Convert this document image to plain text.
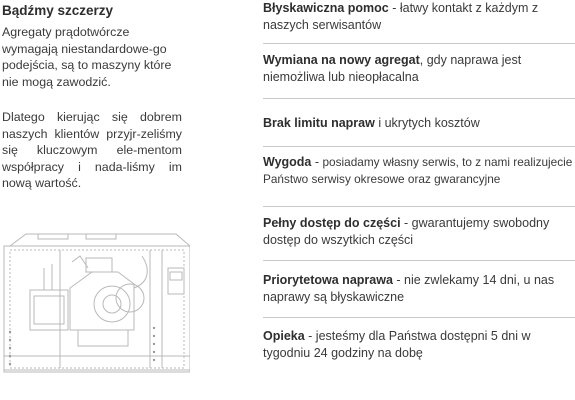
Bądźmy szczerzy

Agregaty prądotwórcze wymagają niestandardowe-go podejścia, są to maszyny które nie mogą zawodzić.

Dlatego kierując się dobrem naszych klientów przyjr-zeliśmy się kluczowym ele-mentom współpracy i nada-liśmy im nową wartość.

Błyskawiczna pomoc - łatwy kontakt z każdym z naszych serwisantów
Wymiana na nowy agregat, gdy naprawa jest niemożliwa lub nieopłacalna
Brak limitu napraw i ukrytych kosztów
Wygoda - posiadamy własny serwis, to z nami realizujecie Państwo serwisy okresowe oraz gwarancyjne
Pełny dostęp do części - gwarantujemy swobodny dostęp do wszytkich części
Priorytetowa naprawa - nie zwlekamy 14 dni, u nas naprawy są błyskawiczne
Opieka - jesteśmy dla Państwa dostępni 5 dni w tygodniu 24 godziny na dobę
